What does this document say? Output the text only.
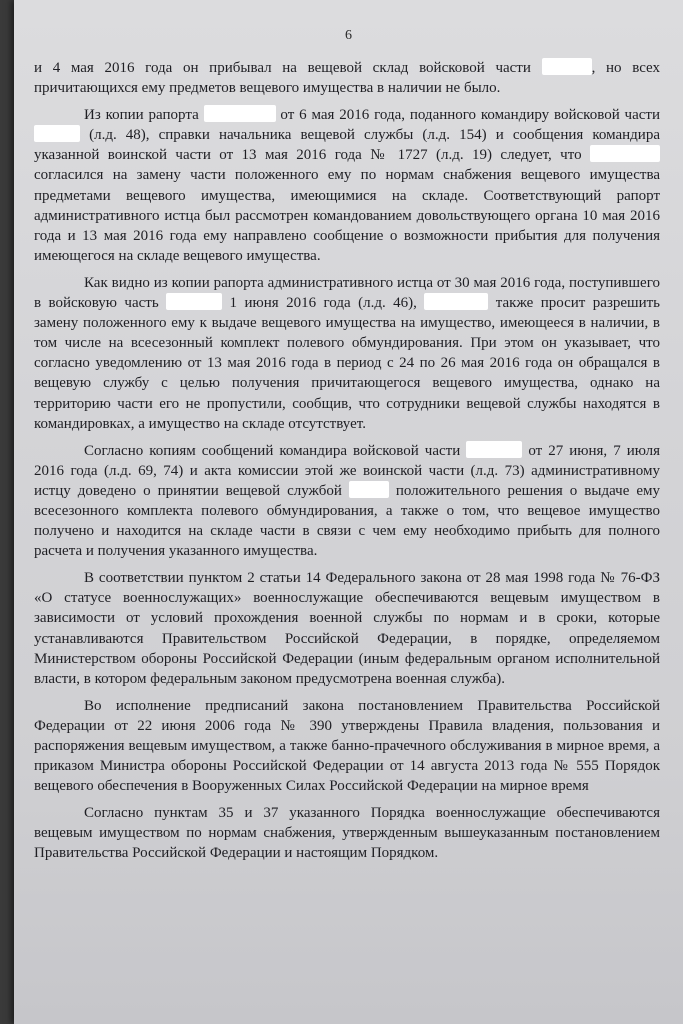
6

и 4 мая 2016 года он прибывал на вещевой склад войсковой части	, но всех причитающихся ему предметов вещевого имущества в наличии не было.

Из копии рапорта	от 6 мая 2016 года, поданного командиру войсковой части  (л.д. 48), справки начальника вещевой службы (л.д. 154) и сообщения командира указанной воинской части от 13 мая 2016 года № 1727 (л.д. 19) следует, что  согласился на замену части положенного ему по нормам снабжения вещевого имущества предметами вещевого имущества, имеющимися на складе. Соответствующий рапорт административного истца был рассмотрен командованием довольствующего органа 10 мая 2016 года и 13 мая 2016 года ему направлено сообщение о возможности прибытия для получения имеющегося на складе вещевого имущества.

Как видно из копии рапорта административного истца от 30 мая 2016 года, поступившего в войсковую часть	1 июня 2016 года (л.д. 46),	также просит разрешить замену положенного ему к выдаче вещевого имущества на имущество, имеющееся в наличии, в том числе на всесезонный комплект полевого обмундирования. При этом он указывает, что согласно уведомлению от 13 мая 2016 года в период с 24 по 26 мая 2016 года он обращался в вещевую службу с целью получения причитающегося вещевого имущества, однако на территорию части его не пропустили, сообщив, что сотрудники вещевой службы находятся в командировках, а имущество на складе отсутствует.

Согласно копиям сообщений командира войсковой части	от 27 июня, 7 июля 2016 года (л.д. 69, 74) и акта комиссии этой же воинской части (л.д. 73) административному истцу доведено о принятии вещевой службой	положительного решения о выдаче ему всесезонного комплекта полевого обмундирования, а также о том, что вещевое имущество получено и находится на складе части в связи с чем ему необходимо прибыть для полного расчета и получения указанного имущества.

В соответствии пунктом 2 статьи 14 Федерального закона от 28 мая 1998 года № 76-ФЗ «О статусе военнослужащих» военнослужащие обеспечиваются вещевым имуществом в зависимости от условий прохождения военной службы по нормам и в сроки, которые устанавливаются Правительством Российской Федерации, в порядке, определяемом Министерством обороны Российской Федерации (иным федеральным органом исполнительной власти, в котором федеральным законом предусмотрена военная служба).

Во исполнение предписаний закона постановлением Правительства Российской Федерации от 22 июня 2006 года № 390 утверждены Правила владения, пользования и распоряжения вещевым имуществом, а также банно-прачечного обслуживания в мирное время, а приказом Министра обороны Российской Федерации от 14 августа 2013 года № 555 Порядок вещевого обеспечения в Вооруженных Силах Российской Федерации на мирное время

Согласно пунктам 35 и 37 указанного Порядка военнослужащие обеспечиваются вещевым имуществом по нормам снабжения, утвержденным вышеуказанным постановлением Правительства Российской Федерации и настоящим Порядком.
